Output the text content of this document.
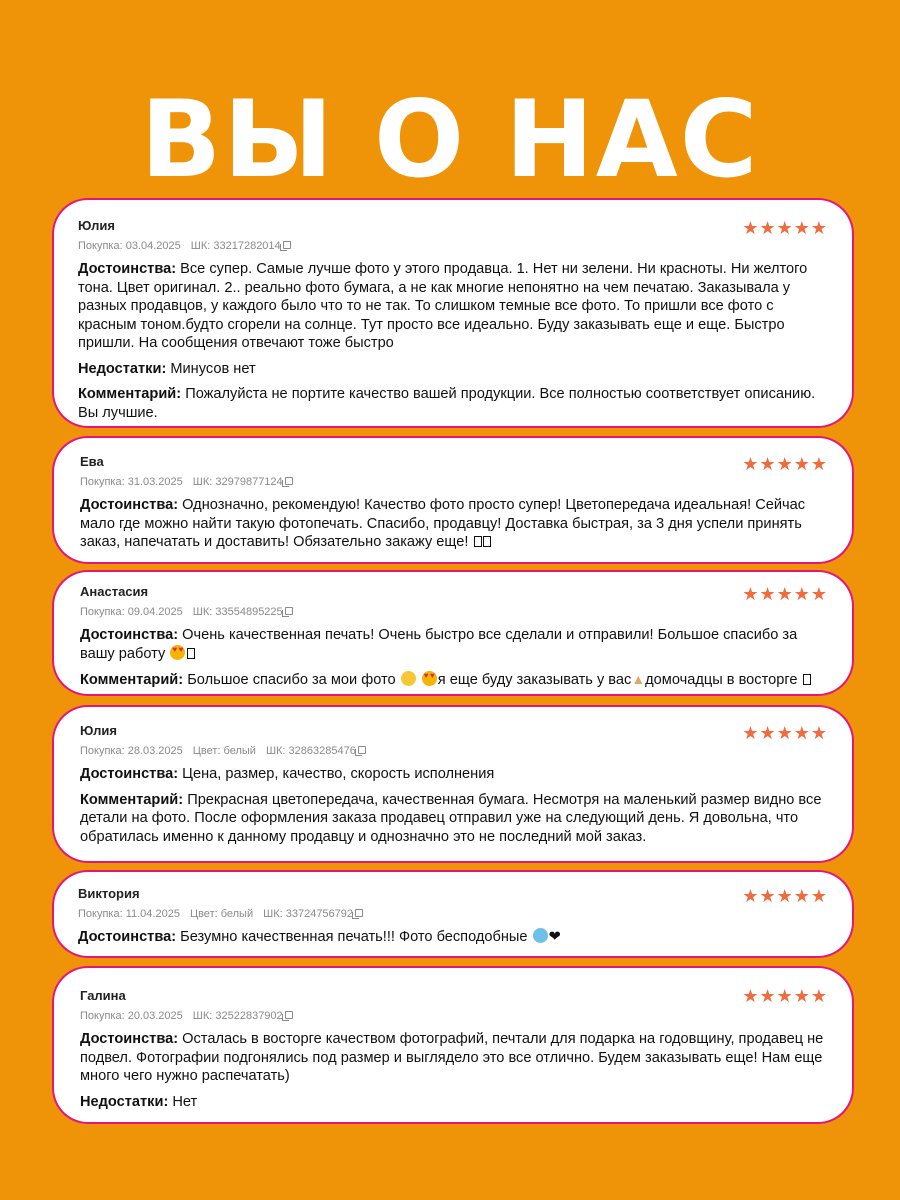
ВЫ О НАС
★★★★★
Юлия
Покупка: 03.04.2025 ШК: 33217282014
Достоинства: Все супер. Самые лучше фото у этого продавца. 1. Нет ни зелени. Ни красноты. Ни желтого тона. Цвет оригинал. 2.. реально фото бумага, а не как многие непонятно на чем печатаю. Заказывала у разных продавцов, у каждого было что то не так. То слишком темные все фото. То пришли все фото с красным тоном.будто сгорели на солнце. Тут просто все идеально. Буду заказывать еще и еще. Быстро пришли. На сообщения отвечают тоже быстро
Недостатки: Минусов нет
Комментарий: Пожалуйста не портите качество вашей продукции. Все полностью соответствует описанию. Вы лучшие.
★★★★★
Ева
Покупка: 31.03.2025 ШК: 32979877124
Достоинства: Однозначно, рекомендую! Качество фото просто супер! Цветопередача идеальная! Сейчас мало где можно найти такую фотопечать. Спасибо, продавцу! Доставка быстрая, за 3 дня успели принять заказ, напечатать и доставить! Обязательно закажу еще!
★★★★★
Анастасия
Покупка: 09.04.2025 ШК: 33554895225
Достоинства: Очень качественная печать! Очень быстро все сделали и отправили! Большое спасибо за вашу работу ♥ ♥
Комментарий: Большое спасибо за мои фото  ♥ ♥	я еще буду заказывать у вас▲домочадцы в восторге
★★★★★
Юлия
Покупка: 28.03.2025 Цвет: белый ШК: 32863285476
Достоинства: Цена, размер, качество, скорость исполнения
Комментарий: Прекрасная цветопередача, качественная бумага. Несмотря на маленький размер видно все детали на фото. После оформления заказа продавец отправил уже на следующий день. Я довольна, что обратилась именно к данному продавцу и однозначно это не последний мой заказ.
★★★★★
Виктория
Покупка: 11.04.2025 Цвет: белый ШК: 33724756792
Достоинства: Безумно качественная печать!!! Фото бесподобные ❤
★★★★★
Галина
Покупка: 20.03.2025 ШК: 32522837902
Достоинства: Осталась в восторге качеством фотографий, печтали для подарка на годовщину, продавец не подвел. Фотографии подгонялись под размер и выглядело это все отлично. Будем заказывать еще! Нам еще много чего нужно распечатать)
Недостатки: Нет
